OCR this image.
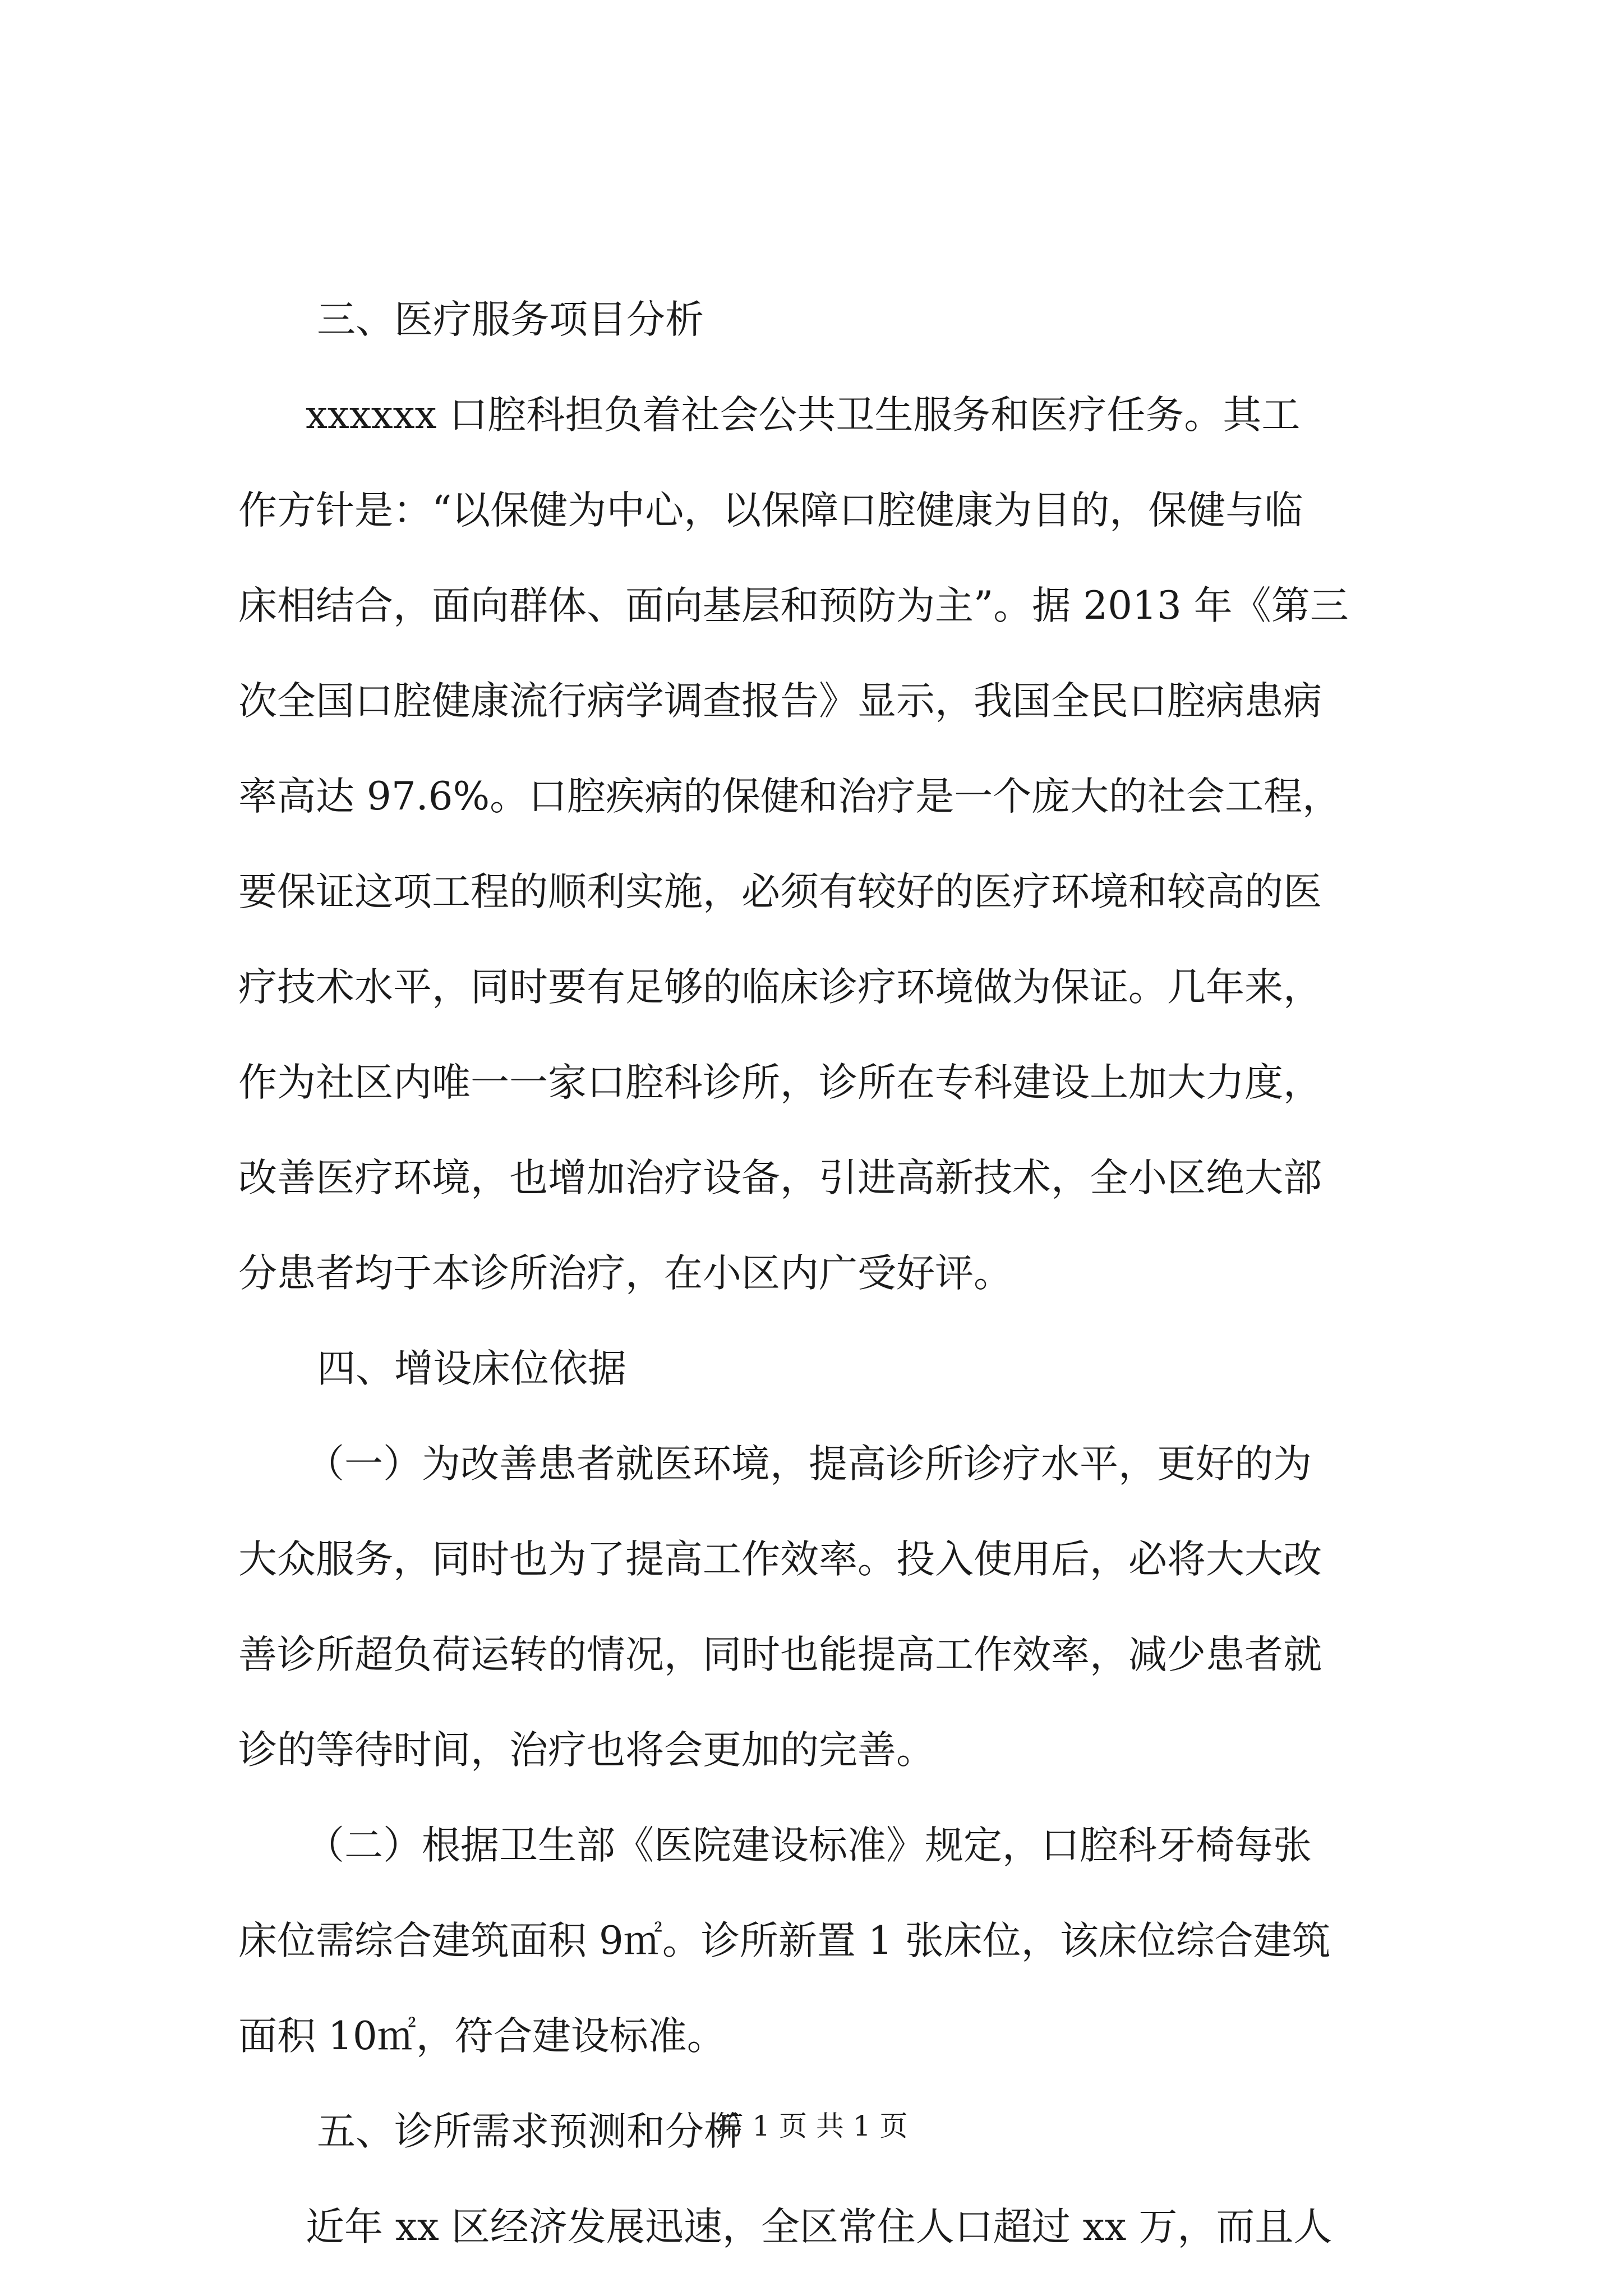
三、医疗服务项目分析
xxxxxx 口腔科担负着社会公共卫生服务和医疗任务。其工
作方针是：“以保健为中心，以保障口腔健康为目的，保健与临
床相结合，面向群体、面向基层和预防为主”。据 2013 年《第三
次全国口腔健康流行病学调查报告》显示，我国全民口腔病患病
率高达 97.6%。口腔疾病的保健和治疗是一个庞大的社会工程，
要保证这项工程的顺利实施，必须有较好的医疗环境和较高的医
疗技术水平，同时要有足够的临床诊疗环境做为保证。几年来，
作为社区内唯一一家口腔科诊所，诊所在专科建设上加大力度，
改善医疗环境，也增加治疗设备，引进高新技术，全小区绝大部
分患者均于本诊所治疗，在小区内广受好评。
四、增设床位依据
（一）为改善患者就医环境，提高诊所诊疗水平，更好的为
大众服务，同时也为了提高工作效率。投入使用后，必将大大改
善诊所超负荷运转的情况，同时也能提高工作效率，减少患者就
诊的等待时间，治疗也将会更加的完善。
（二）根据卫生部《医院建设标准》规定，口腔科牙椅每张
床位需综合建筑面积 9㎡。诊所新置 1 张床位，该床位综合建筑
面积 10㎡，符合建设标准。
五、诊所需求预测和分析
近年 xx 区经济发展迅速，全区常住人口超过 xx 万，而且人
第 1 页 共 1 页
